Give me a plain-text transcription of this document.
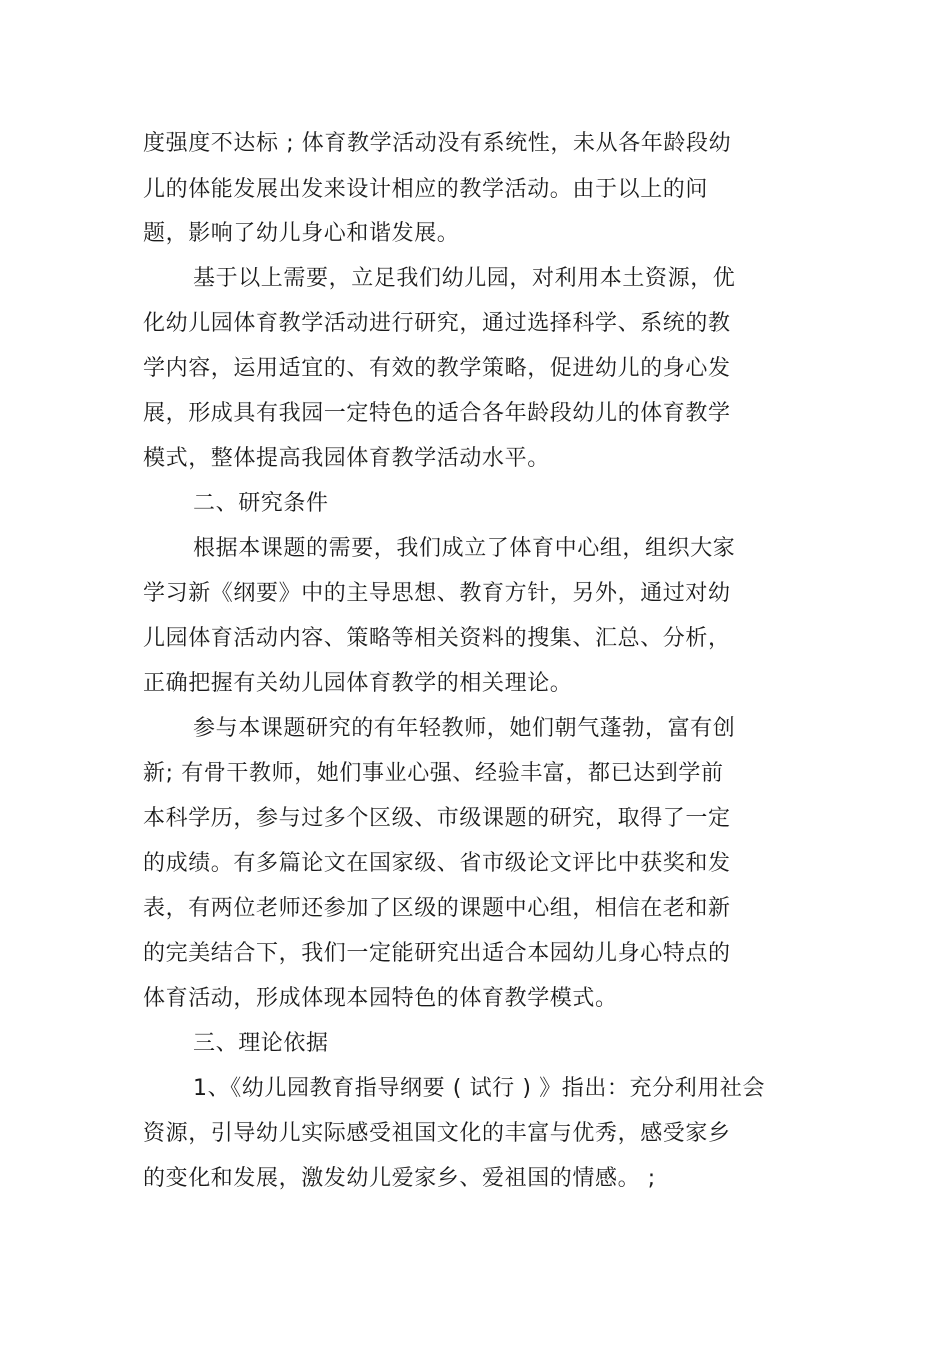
度强度不达标 ; 体育教学活动没有系统性，未从各年龄段幼
儿的体能发展出发来设计相应的教学活动。由于以上的问
题，影响了幼儿身心和谐发展。
基于以上需要，立足我们幼儿园，对利用本土资源，优
化幼儿园体育教学活动进行研究，通过选择科学、系统的教
学内容，运用适宜的、有效的教学策略，促进幼儿的身心发
展，形成具有我园一定特色的适合各年龄段幼儿的体育教学
模式，整体提高我园体育教学活动水平。
二、研究条件
根据本课题的需要，我们成立了体育中心组，组织大家
学习新《纲要》中的主导思想、教育方针，另外，通过对幼
儿园体育活动内容、策略等相关资料的搜集、汇总、分析，
正确把握有关幼儿园体育教学的相关理论。
参与本课题研究的有年轻教师，她们朝气蓬勃，富有创
新; 有骨干教师，她们事业心强、经验丰富，都已达到学前
本科学历，参与过多个区级、市级课题的研究，取得了一定
的成绩。有多篇论文在国家级、省市级论文评比中获奖和发
表，有两位老师还参加了区级的课题中心组，相信在老和新
的完美结合下，我们一定能研究出适合本园幼儿身心特点的
体育活动，形成体现本园特色的体育教学模式。
三、理论依据
1、《幼儿园教育指导纲要 ( 试行 ) 》指出：充分利用社会
资源，引导幼儿实际感受祖国文化的丰富与优秀，感受家乡
的变化和发展，激发幼儿爱家乡、爱祖国的情感。 ;
